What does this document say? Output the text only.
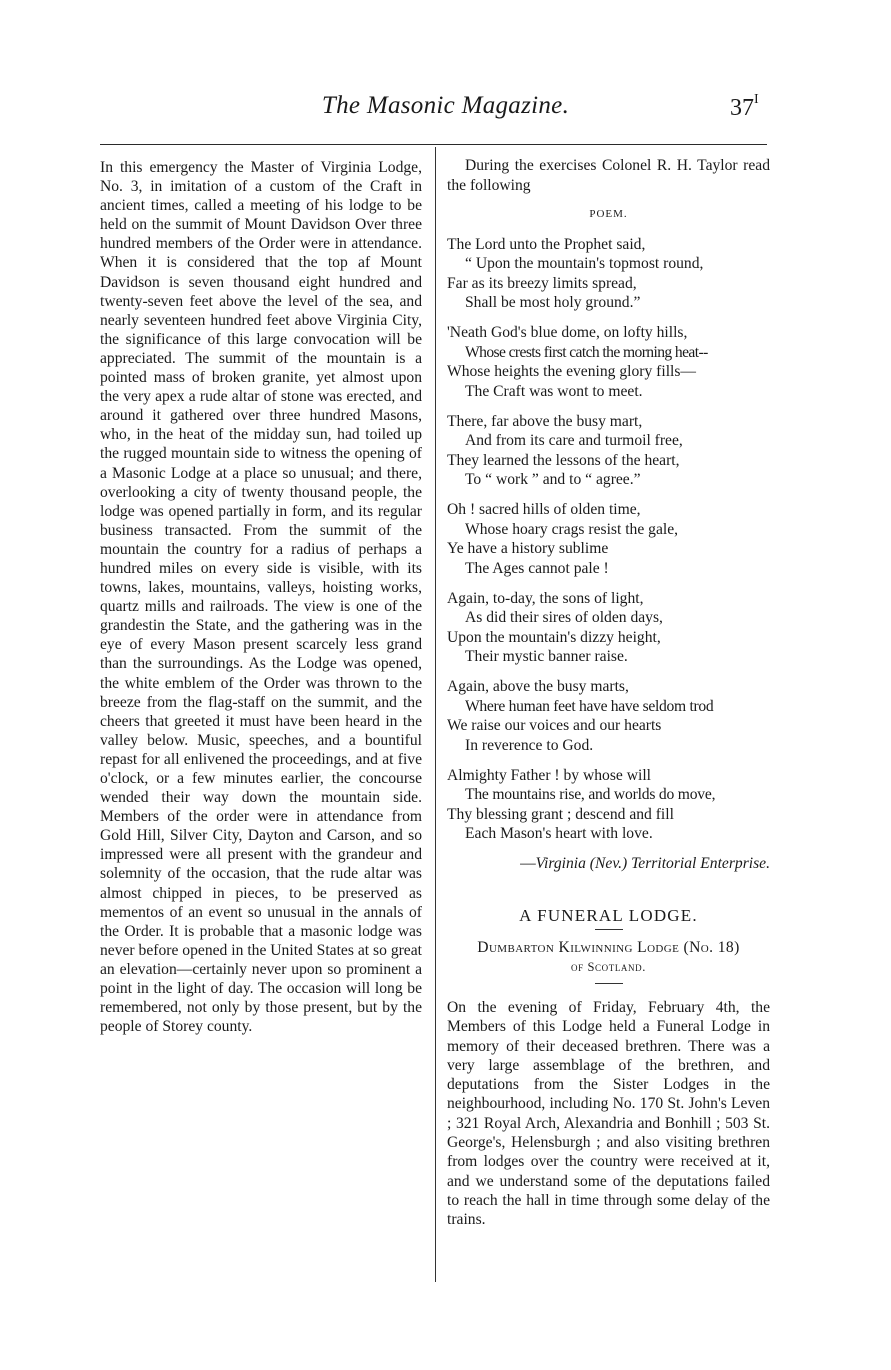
The Masonic Magazine.	$37^I$

In this emergency the Master of Virginia Lodge, No. 3, in imitation of a custom of the Craft in ancient times, called a meeting of his lodge to be held on the summit of Mount Davidson Over three hundred members of the Order were in attendance. When it is considered that the top af Mount Davidson is seven thousand eight hundred and twenty-seven feet above the level of the sea, and nearly seventeen hundred feet above Virginia City, the significance of this large convocation will be appreciated. The summit of the mountain is a pointed mass of broken granite, yet almost upon the very apex a rude altar of stone was erected, and around it gathered over three hundred Masons, who, in the heat of the midday sun, had toiled up the rugged mountain side to witness the opening of a Masonic Lodge at a place so unusual; and there, overlooking a city of twenty thousand people, the lodge was opened partially in form, and its regular business transacted. From the summit of the mountain the country for a radius of perhaps a hundred miles on every side is visible, with its towns, lakes, mountains, valleys, hoisting works, quartz mills and railroads. The view is one of the grandestin the State, and the gathering was in the eye of every Mason present scarcely less grand than the surroundings. As the Lodge was opened, the white emblem of the Order was thrown to the breeze from the flag-staff on the summit, and the cheers that greeted it must have been heard in the valley below. Music, speeches, and a bountiful repast for all enlivened the proceedings, and at five o'clock, or a few minutes earlier, the concourse wended their way down the mountain side. Members of the order were in attendance from Gold Hill, Silver City, Dayton and Carson, and so impressed were all present with the grandeur and solemnity of the occasion, that the rude altar was almost chipped in pieces, to be preserved as mementos of an event so unusual in the annals of the Order. It is probable that a masonic lodge was never before opened in the United States at so great an elevation—certainly never upon so prominent a point in the light of day. The occasion will long be remembered, not only by those present, but by the people of Storey county.

During the exercises Colonel R. H. Taylor read the following

POEM.

The Lord unto the Prophet said,
“ Upon the mountain's topmost round,
Far as its breezy limits spread,
Shall be most holy ground.”
'Neath God's blue dome, on lofty hills,
Whose crests first catch the morning heat--
Whose heights the evening glory fills—
The Craft was wont to meet.
There, far above the busy mart,
And from its care and turmoil free,
They learned the lessons of the heart,
To “ work ” and to “ agree.”
Oh ! sacred hills of olden time,
Whose hoary crags resist the gale,
Ye have a history sublime
The Ages cannot pale !
Again, to-day, the sons of light,
As did their sires of olden days,
Upon the mountain's dizzy height,
Their mystic banner raise.
Again, above the busy marts,
Where human feet have have seldom trod
We raise our voices and our hearts
In reverence to God.
Almighty Father ! by whose will
The mountains rise, and worlds do move,
Thy blessing grant ; descend and fill
Each Mason's heart with love.

—Virginia (Nev.) Territorial Enterprise.

A FUNERAL LODGE.

Dumbarton Kilwinning Lodge (No. 18)

of Scotland.

On the evening of Friday, February 4th, the Members of this Lodge held a Funeral Lodge in memory of their deceased brethren. There was a very large assemblage of the brethren, and deputations from the Sister Lodges in the neighbourhood, including No. 170 St. John's Leven ; 321 Royal Arch, Alexandria and Bonhill ; 503 St. George's, Helensburgh ; and also visiting brethren from lodges over the country were received at it, and we understand some of the deputations failed to reach the hall in time through some delay of the trains.
